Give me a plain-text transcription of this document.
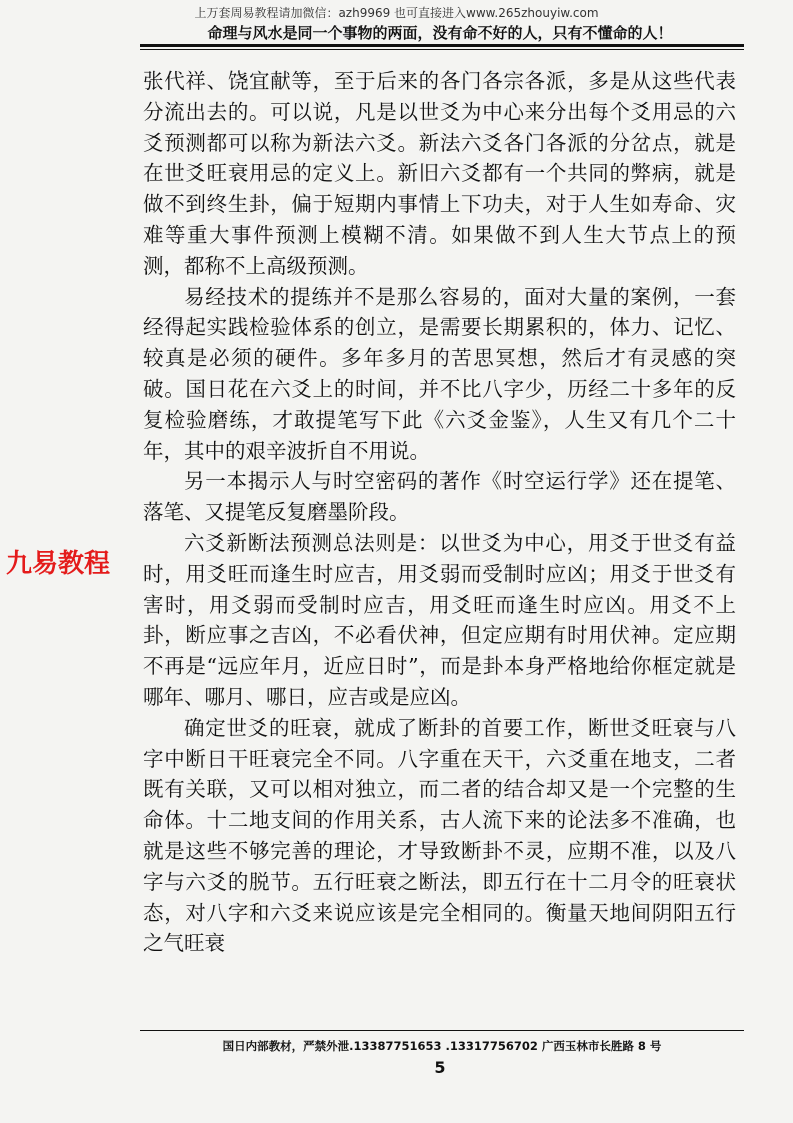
上万套周易教程请加微信：azh9969 也可直接进入www.265zhouyiw.com
命理与风水是同一个事物的两面，没有命不好的人，只有不懂命的人！

张代祥、饶宜献等，至于后来的各门各宗各派，多是从这些代表分流出去的。可以说，凡是以世爻为中心来分出每个爻用忌的六爻预测都可以称为新法六爻。新法六爻各门各派的分岔点，就是在世爻旺衰用忌的定义上。新旧六爻都有一个共同的弊病，就是做不到终生卦，偏于短期内事情上下功夫，对于人生如寿命、灾难等重大事件预测上模糊不清。如果做不到人生大节点上的预测，都称不上高级预测。

易经技术的提练并不是那么容易的，面对大量的案例，一套经得起实践检验体系的创立，是需要长期累积的，体力、记忆、较真是必须的硬件。多年多月的苦思冥想，然后才有灵感的突破。国日花在六爻上的时间，并不比八字少，历经二十多年的反复检验磨练，才敢提笔写下此《六爻金鉴》，人生又有几个二十年，其中的艰辛波折自不用说。

另一本揭示人与时空密码的著作《时空运行学》还在提笔、落笔、又提笔反复磨墨阶段。

六爻新断法预测总法则是：以世爻为中心，用爻于世爻有益时，用爻旺而逢生时应吉，用爻弱而受制时应凶；用爻于世爻有害时，用爻弱而受制时应吉，用爻旺而逢生时应凶。用爻不上卦，断应事之吉凶，不必看伏神，但定应期有时用伏神。定应期不再是“远应年月，近应日时”，而是卦本身严格地给你框定就是哪年、哪月、哪日，应吉或是应凶。

确定世爻的旺衰，就成了断卦的首要工作，断世爻旺衰与八字中断日干旺衰完全不同。八字重在天干，六爻重在地支，二者既有关联，又可以相对独立，而二者的结合却又是一个完整的生命体。十二地支间的作用关系，古人流下来的论法多不准确，也就是这些不够完善的理论，才导致断卦不灵，应期不准，以及八字与六爻的脱节。五行旺衰之断法，即五行在十二月令的旺衰状态，对八字和六爻来说应该是完全相同的。衡量天地间阴阳五行之气旺衰

九易教程
国日内部教材，严禁外泄.13387751653 .13317756702 广西玉林市长胜路 8 号
5
